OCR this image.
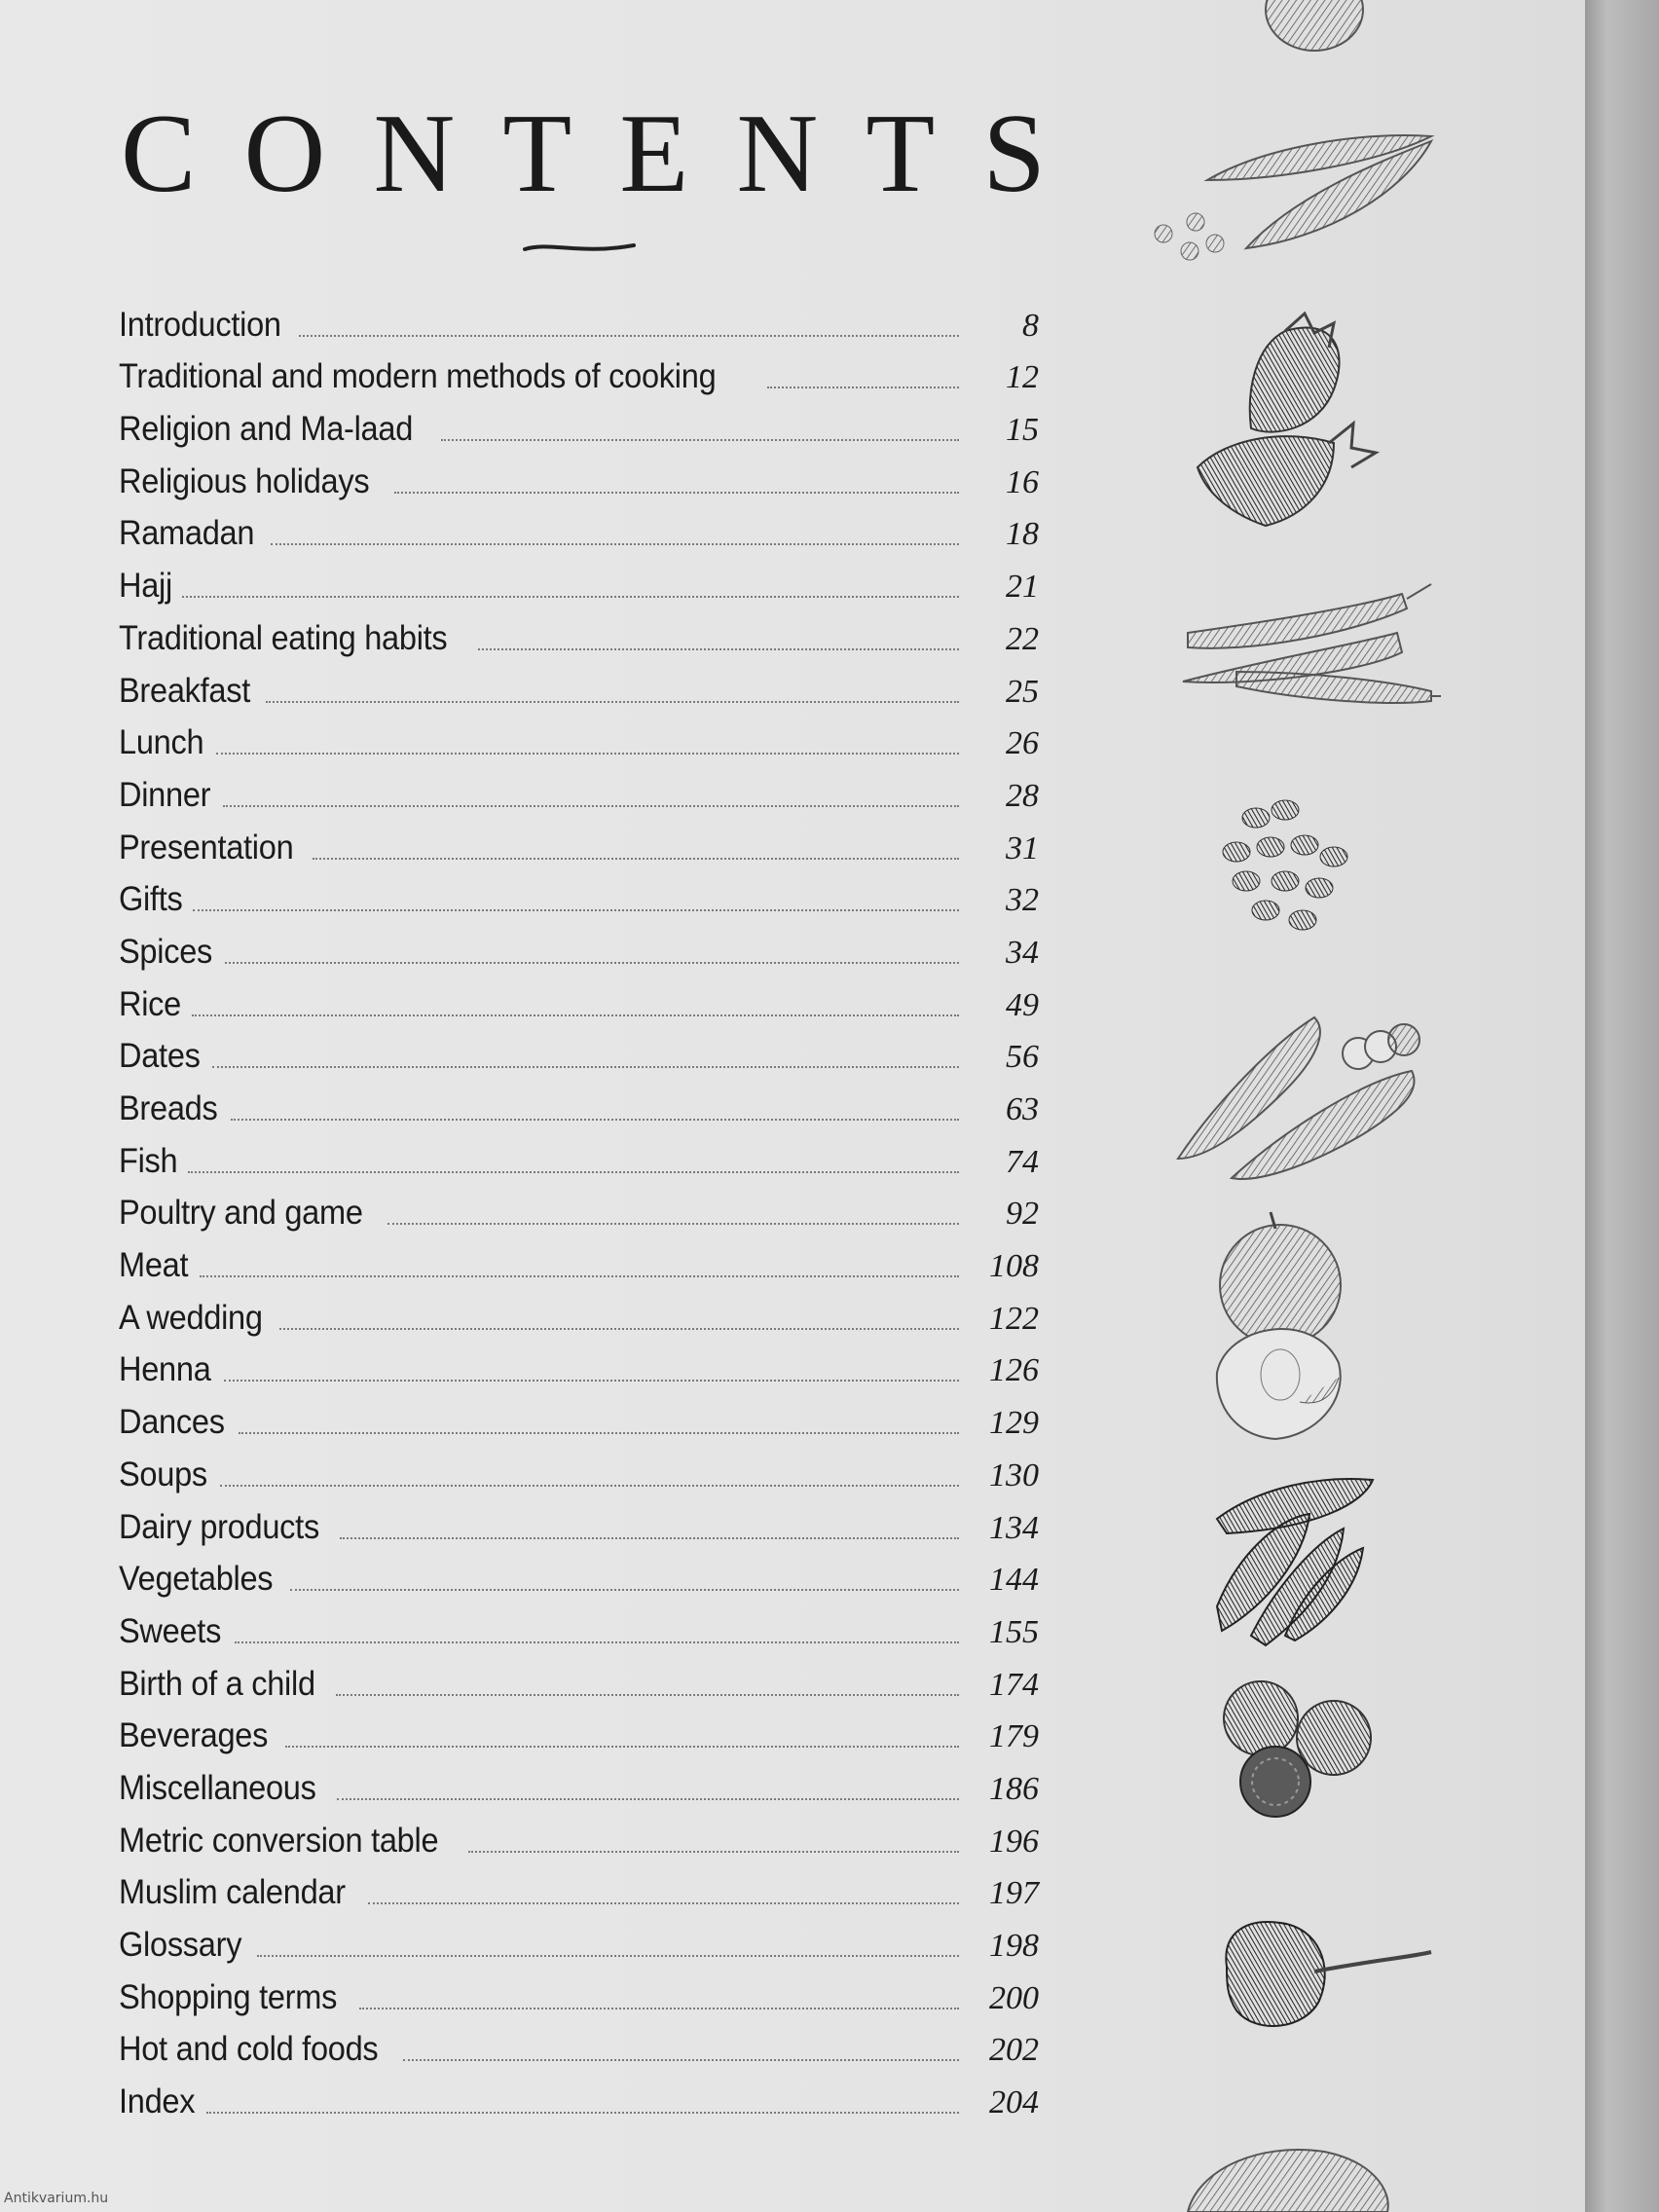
C O N T E N T S
Introduction	8
Traditional and modern methods of cooking	12
Religion and Ma-laad	15
Religious holidays	16
Ramadan	18
Hajj	21
Traditional eating habits	22
Breakfast	25
Lunch	26
Dinner	28
Presentation	31
Gifts	32
Spices	34
Rice	49
Dates	56
Breads	63
Fish	74
Poultry and game	92
Meat	108
A wedding	122
Henna	126
Dances	129
Soups	130
Dairy products	134
Vegetables	144
Sweets	155
Birth of a child	174
Beverages	179
Miscellaneous	186
Metric conversion table	196
Muslim calendar	197
Glossary	198
Shopping terms	200
Hot and cold foods	202
Index	204
Antikvarium.hu
